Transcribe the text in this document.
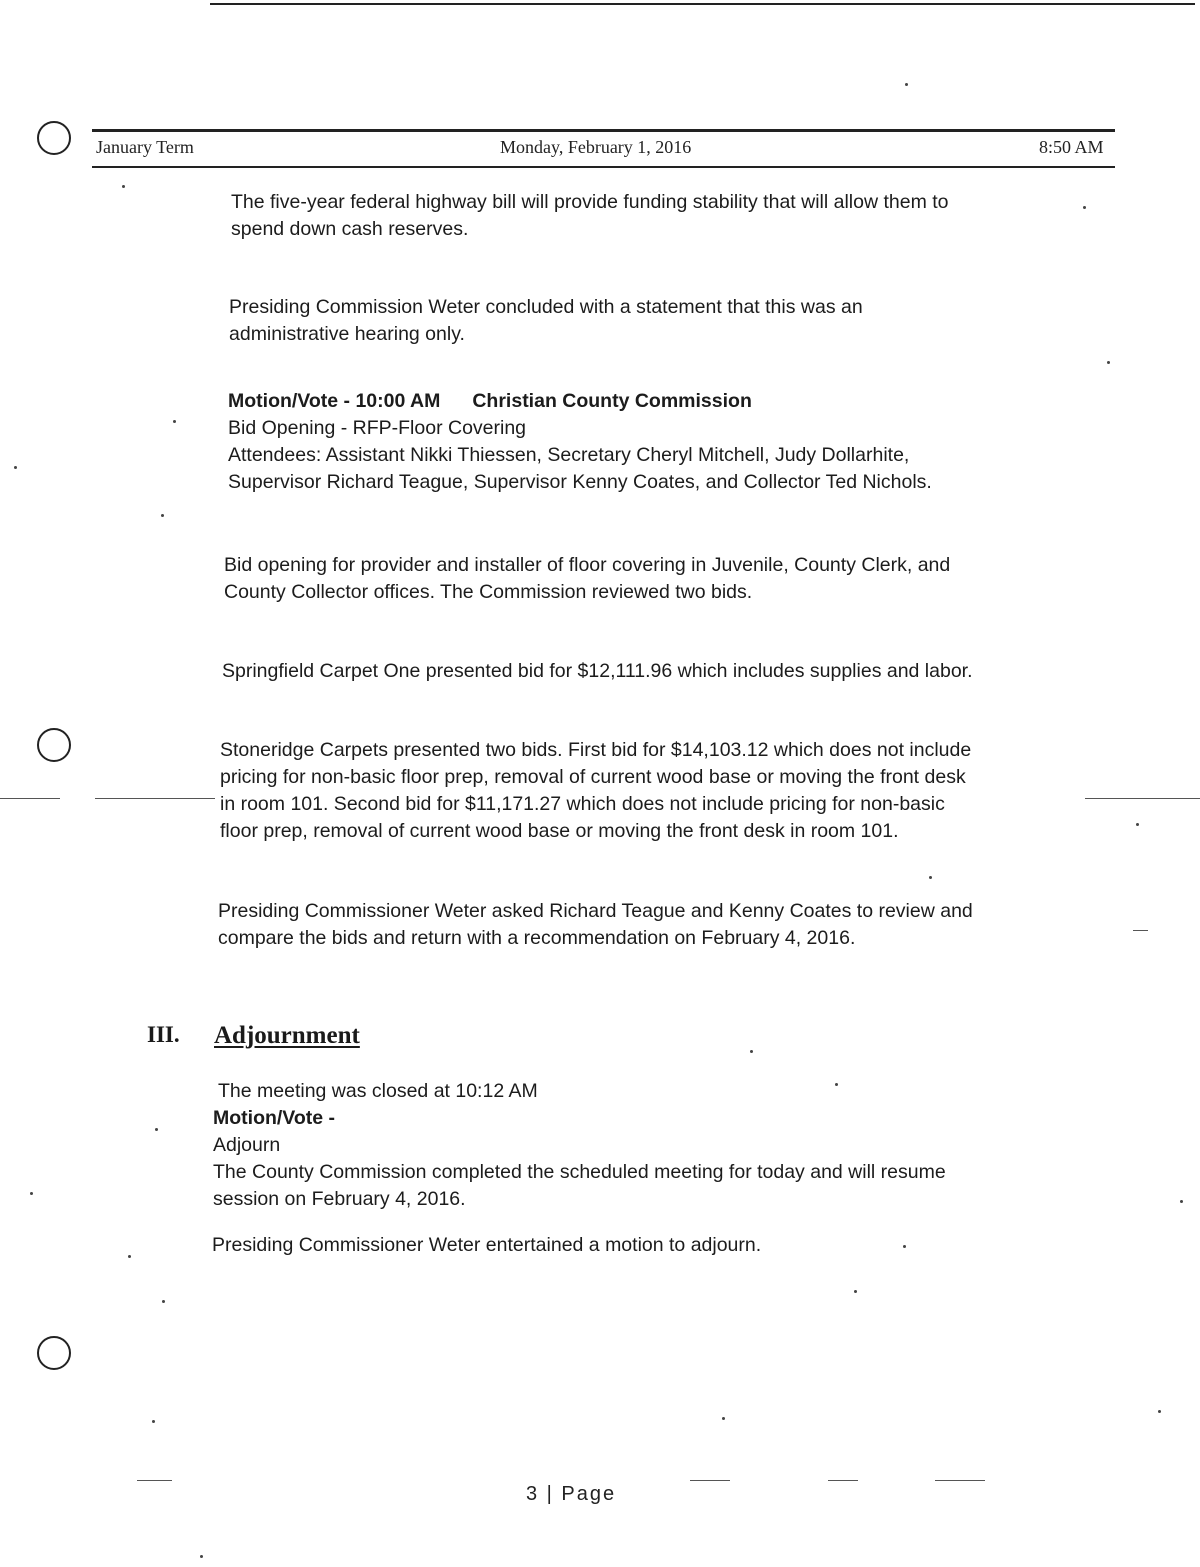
January Term	Monday, February 1, 2016	8:50 AM
The five-year federal highway bill will provide funding stability that will allow them to
spend down cash reserves.
Presiding Commission Weter concluded with a statement that this was an
administrative hearing only.
Motion/Vote - 10:00 AM Christian County Commission
Bid Opening - RFP-Floor Covering
Attendees: Assistant Nikki Thiessen, Secretary Cheryl Mitchell, Judy Dollarhite,
Supervisor Richard Teague, Supervisor Kenny Coates, and Collector Ted Nichols.
Bid opening for provider and installer of floor covering in Juvenile, County Clerk, and
County Collector offices. The Commission reviewed two bids.
Springfield Carpet One presented bid for $12,111.96 which includes supplies and labor.
Stoneridge Carpets presented two bids. First bid for $14,103.12 which does not include
pricing for non-basic floor prep, removal of current wood base or moving the front desk
in room 101. Second bid for $11,171.27 which does not include pricing for non-basic
floor prep, removal of current wood base or moving the front desk in room 101.
Presiding Commissioner Weter asked Richard Teague and Kenny Coates to review and
compare the bids and return with a recommendation on February 4, 2016.
III. Adjournment
The meeting was closed at 10:12 AM
Motion/Vote -
Adjourn
The County Commission completed the scheduled meeting for today and will resume
session on February 4, 2016.
Presiding Commissioner Weter entertained a motion to adjourn.
3 | Page
